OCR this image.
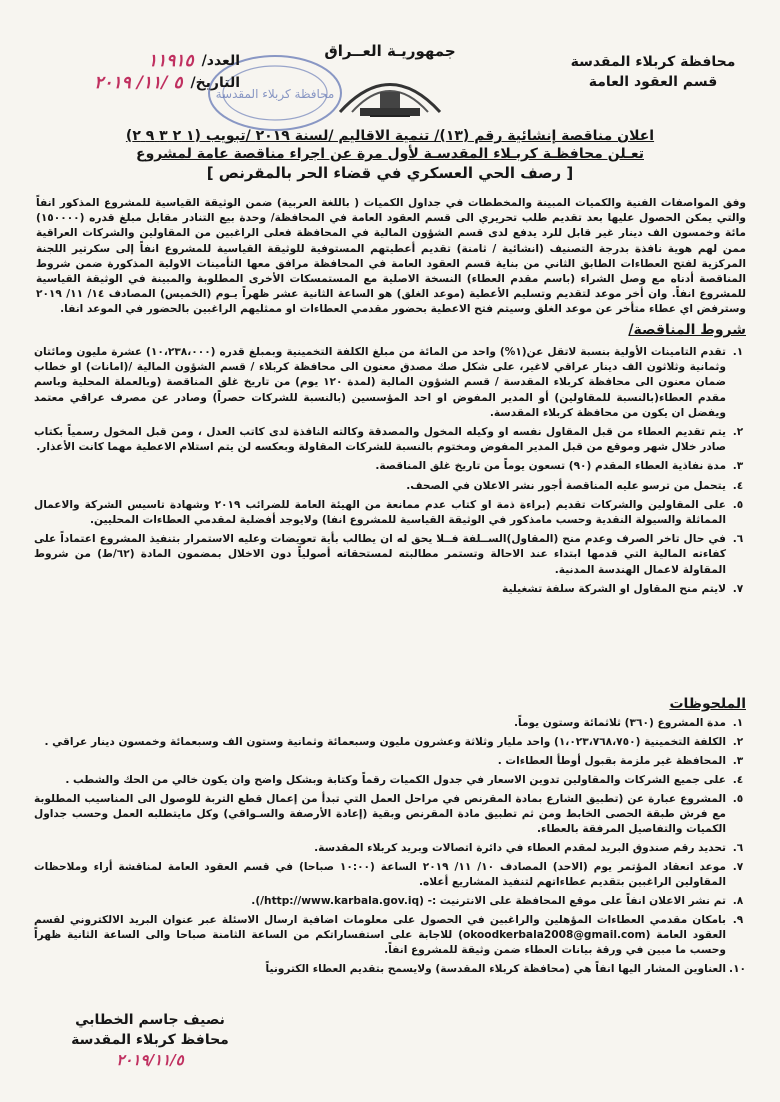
محافظة كربلاء المقدسة
قسم العقود العامة
جمهوريـة العــراق
محافظة كربلاء المقدسة
العدد/
١١٩١٥
التاريخ/
٥ /١١/ ٢٠١٩
اعلان مناقصة إنشائية رقم (١٣)/ تنمية الاقاليم /لسنة ٢٠١٩ /تبويب (١ ٢ ٣ ٩ ٢)
تعـلن محافظـة كربـلاء المقدسـة لأول مرة عن اجراء مناقصة عامة لمشروع
[ رصف الحي العسكري في قضاء الحر بالمقرنص ]
وفق المواصفات الفنية والكميات المبينة والمخططات في جداول الكميات ( باللغة العربية) ضمن الوثيقة القياسية للمشروع المذكور انفاً والتي يمكن الحصول عليها بعد تقديم طلب تحريري الى قسم العقود العامة في المحافظة/ وحدة بيع التنادر مقابل مبلغ قدره (١٥٠٠٠٠) مائة وخمسون الف دينار غير قابل للرد يدفع لدى قسم الشؤون المالية في المحافظة فعلى الراغبين من المقاولين والشركات العراقية ممن لهم هوية نافذة بدرجة التصنيف (انشائية / ثامنة) تقديم أعطيتهم المستوفية للوثيقة القياسية للمشروع انفاً إلى سكرتير اللجنة المركزية لفتح العطاءات الطابق الثاني من بناية قسم العقود العامة في المحافظة مرافق معها التأمينات الاولية المذكورة ضمن شروط المناقصة أدناه مع وصل الشراء (باسم مقدم العطاء) النسخة الاصلية مع المستمسكات الأخرى المطلوبة والمبينة في الوثيقة القياسية للمشروع انفاً. وان أخر موعد لتقديم وتسليم الأعطية (موعد الغلق) هو الساعة الثانية عشر ظهراً يـوم (الخميس) المصادف ١٤/ ١١/ ٢٠١٩ وسترفض اي عطاء متأخر عن موعد الغلق وسيتم فتح الاعطية بحضور مقدمي العطاءات او ممثليهم الراغبين بالحضور في الموعد انفا.
شروط المناقصة/
١.
تقدم التامينات الأولية بنسبة لاتقل عن(١%) واحد من المائة من مبلغ الكلفة التخمينية وبمبلغ قدره (١٠،٢٣٨،٠٠٠) عشرة مليون ومائتان وثمانية وثلاثون الف دينار عراقي لاغير، على شكل صك مصدق معنون الى محافظة كربلاء / قسم الشؤون المالية /(امانات) او خطاب ضمان معنون الى محافظة كربلاء المقدسة / قسم الشؤون المالية (لمدة ١٢٠ يوم) من تاريخ غلق المناقصة (وبالعملة المحلية وباسم مقدم العطاء(بالنسبة للمقاولين) أو المدير المفوض او احد المؤسسين (بالنسبة للشركات حصراً) وصادر عن مصرف عراقي معتمد ويفضل ان يكون من محافظة كربلاء المقدسة.
٢.
يتم تقديم العطاء من قبل المقاول نفسه او وكيله المخول والمصدقة وكالته النافذة لدى كاتب العدل ، ومن قبل المخول رسمياً بكتاب صادر خلال شهر وموقع من قبل المدير المفوض ومختوم بالنسبة للشركات المقاولة وبعكسه لن يتم استلام الاعطية مهما كانت الأعذار.
٣.
مدة نفاذية العطاء المقدم (٩٠) تسعون يوماً من تاريخ غلق المناقصة.
٤.
يتحمل من ترسو عليه المناقصة أجور نشر الاعلان في الصحف.
٥.
على المقاولين والشركات تقديم (براءة ذمة او كتاب عدم ممانعة من الهيئة العامة للضرائب ٢٠١٩ وشهادة تاسيس الشركة والاعمال المماثلة والسيولة النقدية وحسب مامذكور في الوثيقة القياسية للمشروع انفا) ولايوجد أفضلية لمقدمي العطاءات المحليين.
٦.
في حال تاخر الصرف وعدم منح (المقاول)الســلفة فــلا يحق له ان يطالب بأية تعويضات وعليه الاستمرار بتنفيذ المشروع اعتماداً على كفاءته المالية التي قدمها ابتداء عند الاحالة وتستمر مطالبته لمستحقاته أصولياً دون الاخلال بمضمون المادة (٦٢/ط) من شروط المقاولة لاعمال الهندسة المدنية.
٧.
لايتم منح المقاول او الشركة سلفة تشغيلية
الملحوظات
١.
مدة المشروع (٣٦٠) ثلاثمائة وستون يوماً.
٢.
الكلفة التخمينية (١،٠٢٣،٧٦٨،٧٥٠) واحد مليار وثلاثة وعشرون مليون وسبعمائة وثمانية وستون الف وسبعمائة وخمسون دينار عراقي .
٣.
المحافظة غير ملزمة بقبول أوطأ العطاءات .
٤.
على جميع الشركات والمقاولين تدوين الاسعار في جدول الكميات رقماً وكتابة وبشكل واضح وان يكون خالي من الحك والشطب .
٥.
المشروع عبارة عن (تطبيق الشارع بمادة المقرنص في مراحل العمل التي تبدأ من إعمال قطع التربة للوصول الى المناسيب المطلوبة مع فرش طبقة الحصى الخابط ومن ثم تطبيق مادة المقرنص وبقية (إعادة الأرصفة والسـواقي) وكل مايتطلبه العمل وحسب جداول الكميات والتفاصيل المرفقة بالعطاء.
٦.
تحديد رقم صندوق البريد لمقدم العطاء في دائرة اتصالات وبريد كربلاء المقدسة.
٧.
موعد انعقاد المؤتمر يوم (الاحد) المصادف ١٠/ ١١/ ٢٠١٩ الساعة (١٠:٠٠ صباحا) في قسم العقود العامة لمناقشة أراء وملاحظات المقاولين الراغبين بتقديم عطاءاتهم لتنفيذ المشاريع أعلاه.
٨.
تم نشر الاعلان انفاً على موقع المحافظة على الانترنيت :- (http://www.karbala.gov.iq/).
٩.
بامكان مقدمي العطاءات المؤهلين والراغبين في الحصول على معلومات اضافية ارسال الاسئلة عبر عنوان البريد الالكتروني لقسم العقود العامة (okoodkerbala2008@gmail.com) للاجابة على استفساراتكم من الساعة الثامنة صباحا والى الساعة الثانية ظهراً وحسب ما مبين في ورقة بيانات العطاء ضمن وثيقة للمشروع انفاً.
١٠.
العناوين المشار اليها انفاً هي (محافظة كربلاء المقدسة) ولايسمح بتقديم العطاء الكترونياً
نصيف جاسم الخطابي
محافظ كربلاء المقدسة
٢٠١٩/١١/٥
